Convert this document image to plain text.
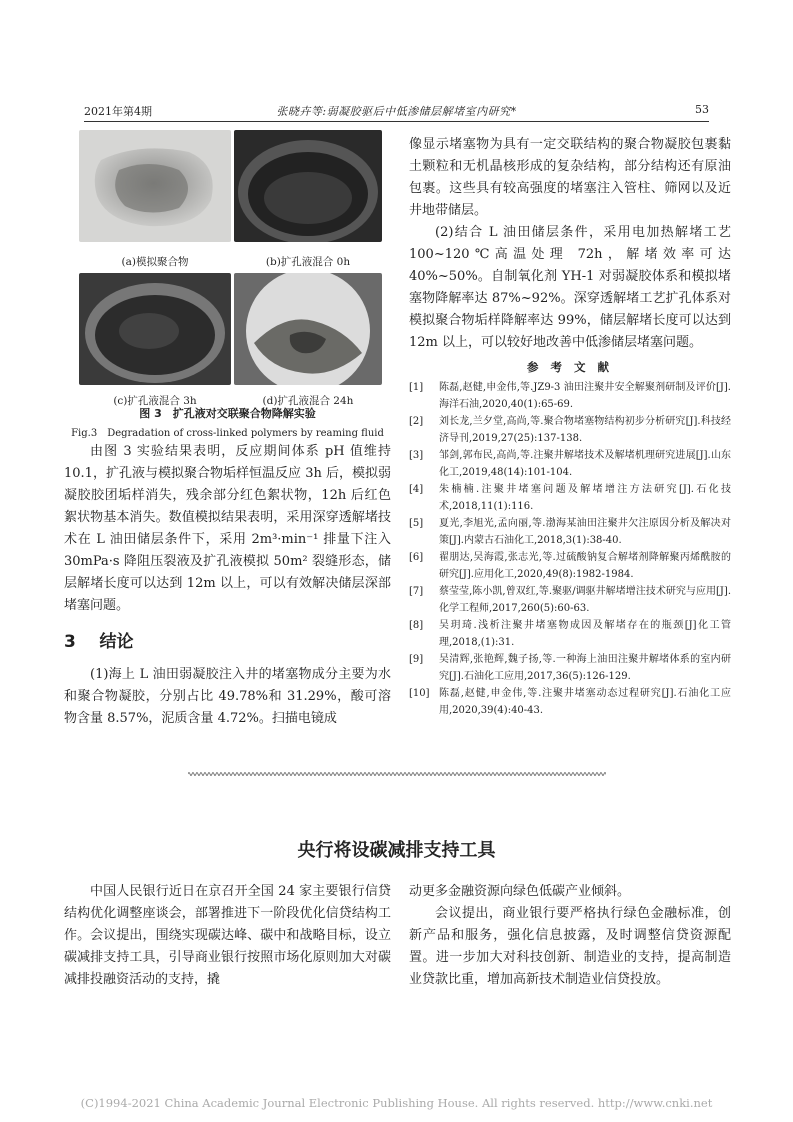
2021年第4期	张晓卉等:弱凝胶驱后中低渗储层解堵室内研究*	53
(a)模拟聚合物	(b)扩孔液混合 0h
(c)扩孔液混合 3h	(d)扩孔液混合 24h
图 3　扩孔液对交联聚合物降解实验
Fig.3　Degradation of cross-linked polymers by reaming fluid

由图 3 实验结果表明，反应期间体系 pH 值维持 10.1，扩孔液与模拟聚合物垢样恒温反应 3h 后，模拟弱凝胶胶团垢样消失，残余部分红色絮状物，12h 后红色絮状物基本消失。数值模拟结果表明，采用深穿透解堵技术在 L 油田储层条件下，采用 2m³·min⁻¹ 排量下注入 30mPa·s 降阻压裂液及扩孔液模拟 50m² 裂缝形态，储层解堵长度可以达到 12m 以上，可以有效解决储层深部堵塞问题。

3 结论

(1)海上 L 油田弱凝胶注入井的堵塞物成分主要为水和聚合物凝胶，分别占比 49.78%和 31.29%，酸可溶物含量 8.57%，泥质含量 4.72%。扫描电镜成

像显示堵塞物为具有一定交联结构的聚合物凝胶包裹黏土颗粒和无机晶核形成的复杂结构，部分结构还有原油包裹。这些具有较高强度的堵塞注入管柱、筛网以及近井地带储层。

(2)结合 L 油田储层条件，采用电加热解堵工艺 100~120℃高温处理 72h，解堵效率可达 40%~50%。自制氧化剂 YH-1 对弱凝胶体系和模拟堵塞物降解率达 87%~92%。深穿透解堵工艺扩孔体系对模拟聚合物垢样降解率达 99%，储层解堵长度可以达到 12m 以上，可以较好地改善中低渗储层堵塞问题。

参 考 文 献
[1]	陈磊,赵健,申金伟,等.JZ9-3 油田注聚井安全解聚剂研制及评价[J].海洋石油,2020,40(1):65-69.
[2]	刘长龙,兰夕堂,高尚,等.聚合物堵塞物结构初步分析研究[J].科技经济导刊,2019,27(25):137-138.
[3]	邹剑,郭布民,高尚,等.注聚井解堵技术及解堵机理研究进展[J].山东化工,2019,48(14):101-104.
[4]	朱楠楠.注聚井堵塞问题及解堵增注方法研究[J].石化技术,2018,11(1):116.
[5]	夏光,李旭光,孟向丽,等.渤海某油田注聚井欠注原因分析及解决对策[J].内蒙古石油化工,2018,3(1):38-40.
[6]	翟朋达,吴海霞,张志光,等.过硫酸钠复合解堵剂降解聚丙烯酰胺的研究[J].应用化工,2020,49(8):1982-1984.
[7]	蔡莹莹,陈小凯,曾双红,等.聚驱/调驱井解堵增注技术研究与应用[J].化学工程师,2017,260(5):60-63.
[8]	吴玥琦.浅析注聚井堵塞物成因及解堵存在的瓶颈[J]化工管理,2018,(1):31.
[9]	吴清辉,张艳辉,魏子扬,等.一种海上油田注聚井解堵体系的室内研究[J].石油化工应用,2017,36(5):126-129.
[10] 陈磊,赵健,申金伟,等.注聚井堵塞动态过程研究[J].石油化工应用,2020,39(4):40-43.
央行将设碳减排支持工具

中国人民银行近日在京召开全国 24 家主要银行信贷结构优化调整座谈会，部署推进下一阶段优化信贷结构工作。会议提出，围绕实现碳达峰、碳中和战略目标，设立碳减排支持工具，引导商业银行按照市场化原则加大对碳减排投融资活动的支持，撬

动更多金融资源向绿色低碳产业倾斜。

会议提出，商业银行要严格执行绿色金融标准，创新产品和服务，强化信息披露，及时调整信贷资源配置。进一步加大对科技创新、制造业的支持，提高制造业贷款比重，增加高新技术制造业信贷投放。

(C)1994-2021 China Academic Journal Electronic Publishing House. All rights reserved. http://www.cnki.net
